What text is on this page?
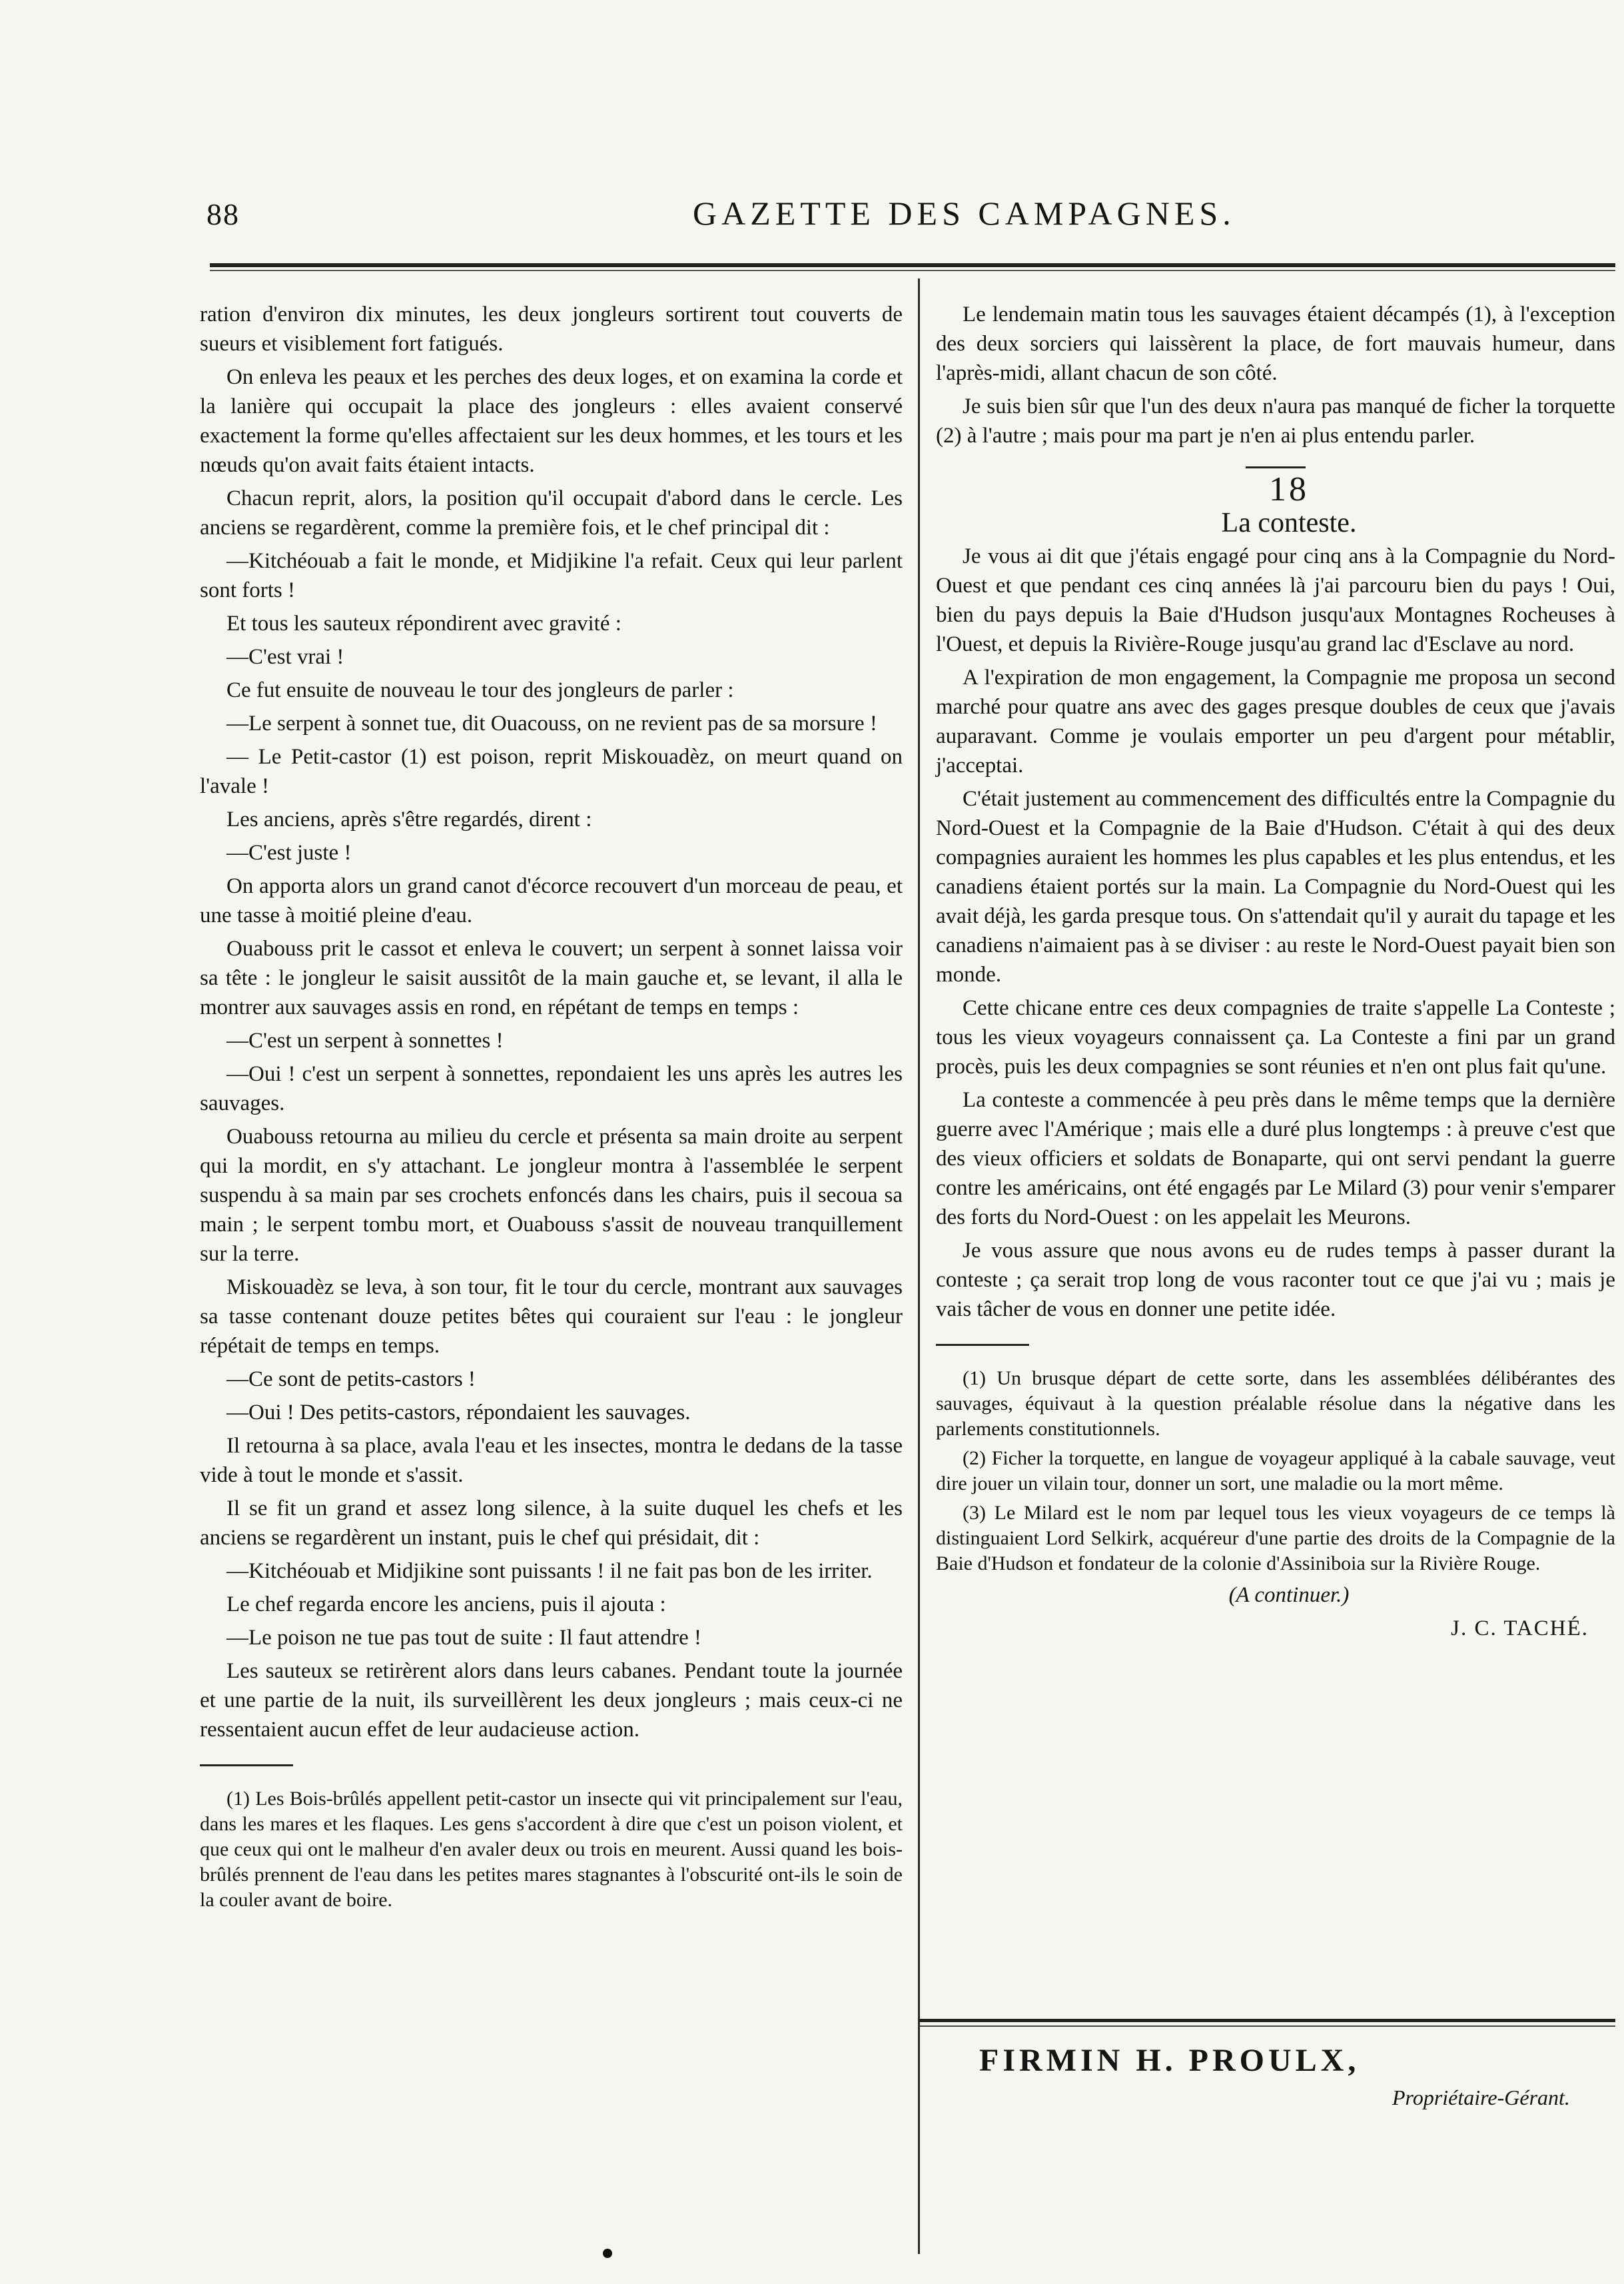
88	GAZETTE DES CAMPAGNES.

ration d'environ dix minutes, les deux jongleurs sortirent tout couverts de sueurs et visiblement fort fatigués.

On enleva les peaux et les perches des deux loges, et on examina la corde et la lanière qui occupait la place des jongleurs : elles avaient conservé exactement la forme qu'elles affectaient sur les deux hommes, et les tours et les nœuds qu'on avait faits étaient intacts.

Chacun reprit, alors, la position qu'il occupait d'abord dans le cercle. Les anciens se regardèrent, comme la première fois, et le chef principal dit :

—Kitchéouab a fait le monde, et Midjikine l'a refait. Ceux qui leur parlent sont forts !

Et tous les sauteux répondirent avec gravité :

—C'est vrai !

Ce fut ensuite de nouveau le tour des jongleurs de parler :

—Le serpent à sonnet tue, dit Ouacouss, on ne revient pas de sa morsure !

— Le Petit-castor (1) est poison, reprit Miskouadèz, on meurt quand on l'avale !

Les anciens, après s'être regardés, dirent :

—C'est juste !

On apporta alors un grand canot d'écorce recouvert d'un morceau de peau, et une tasse à moitié pleine d'eau.

Ouabouss prit le cassot et enleva le couvert; un serpent à sonnet laissa voir sa tête : le jongleur le saisit aussitôt de la main gauche et, se levant, il alla le montrer aux sauvages assis en rond, en répétant de temps en temps :

—C'est un serpent à sonnettes !

—Oui ! c'est un serpent à sonnettes, repondaient les uns après les autres les sauvages.

Ouabouss retourna au milieu du cercle et présenta sa main droite au serpent qui la mordit, en s'y attachant. Le jongleur montra à l'assemblée le serpent suspendu à sa main par ses crochets enfoncés dans les chairs, puis il secoua sa main ; le serpent tombu mort, et Ouabouss s'assit de nouveau tranquillement sur la terre.

Miskouadèz se leva, à son tour, fit le tour du cercle, montrant aux sauvages sa tasse contenant douze petites bêtes qui couraient sur l'eau : le jongleur répétait de temps en temps.

—Ce sont de petits-castors !

—Oui ! Des petits-castors, répondaient les sauvages.

Il retourna à sa place, avala l'eau et les insectes, montra le dedans de la tasse vide à tout le monde et s'assit.

Il se fit un grand et assez long silence, à la suite duquel les chefs et les anciens se regardèrent un instant, puis le chef qui présidait, dit :

—Kitchéouab et Midjikine sont puissants ! il ne fait pas bon de les irriter.

Le chef regarda encore les anciens, puis il ajouta :

—Le poison ne tue pas tout de suite : Il faut attendre !

Les sauteux se retirèrent alors dans leurs cabanes. Pendant toute la journée et une partie de la nuit, ils surveillèrent les deux jongleurs ; mais ceux-ci ne ressentaient aucun effet de leur audacieuse action.

(1) Les Bois-brûlés appellent petit-castor un insecte qui vit principalement sur l'eau, dans les mares et les flaques. Les gens s'accordent à dire que c'est un poison violent, et que ceux qui ont le malheur d'en avaler deux ou trois en meurent. Aussi quand les bois-brûlés prennent de l'eau dans les petites mares stagnantes à l'obscurité ont-ils le soin de la couler avant de boire.

Le lendemain matin tous les sauvages étaient décampés (1), à l'exception des deux sorciers qui laissèrent la place, de fort mauvais humeur, dans l'après-midi, allant chacun de son côté.

Je suis bien sûr que l'un des deux n'aura pas manqué de ficher la torquette (2) à l'autre ; mais pour ma part je n'en ai plus entendu parler.

18

La conteste.

Je vous ai dit que j'étais engagé pour cinq ans à la Compagnie du Nord-Ouest et que pendant ces cinq années là j'ai parcouru bien du pays ! Oui, bien du pays depuis la Baie d'Hudson jusqu'aux Montagnes Rocheuses à l'Ouest, et depuis la Rivière-Rouge jusqu'au grand lac d'Esclave au nord.

A l'expiration de mon engagement, la Compagnie me proposa un second marché pour quatre ans avec des gages presque doubles de ceux que j'avais auparavant. Comme je voulais emporter un peu d'argent pour métablir, j'acceptai.

C'était justement au commencement des difficultés entre la Compagnie du Nord-Ouest et la Compagnie de la Baie d'Hudson. C'était à qui des deux compagnies auraient les hommes les plus capables et les plus entendus, et les canadiens étaient portés sur la main. La Compagnie du Nord-Ouest qui les avait déjà, les garda presque tous. On s'attendait qu'il y aurait du tapage et les canadiens n'aimaient pas à se diviser : au reste le Nord-Ouest payait bien son monde.

Cette chicane entre ces deux compagnies de traite s'appelle La Conteste ; tous les vieux voyageurs connaissent ça. La Conteste a fini par un grand procès, puis les deux compagnies se sont réunies et n'en ont plus fait qu'une.

La conteste a commencée à peu près dans le même temps que la dernière guerre avec l'Amérique ; mais elle a duré plus longtemps : à preuve c'est que des vieux officiers et soldats de Bonaparte, qui ont servi pendant la guerre contre les américains, ont été engagés par Le Milard (3) pour venir s'emparer des forts du Nord-Ouest : on les appelait les Meurons.

Je vous assure que nous avons eu de rudes temps à passer durant la conteste ; ça serait trop long de vous raconter tout ce que j'ai vu ; mais je vais tâcher de vous en donner une petite idée.

(1) Un brusque départ de cette sorte, dans les assemblées délibérantes des sauvages, équivaut à la question préalable résolue dans la négative dans les parlements constitutionnels.

(2) Ficher la torquette, en langue de voyageur appliqué à la cabale sauvage, veut dire jouer un vilain tour, donner un sort, une maladie ou la mort même.

(3) Le Milard est le nom par lequel tous les vieux voyageurs de ce temps là distinguaient Lord Selkirk, acquéreur d'une partie des droits de la Compagnie de la Baie d'Hudson et fondateur de la colonie d'Assiniboia sur la Rivière Rouge.

(A continuer.)

J. C. TACHÉ.

FIRMIN H. PROULX,
Propriétaire-Gérant.
